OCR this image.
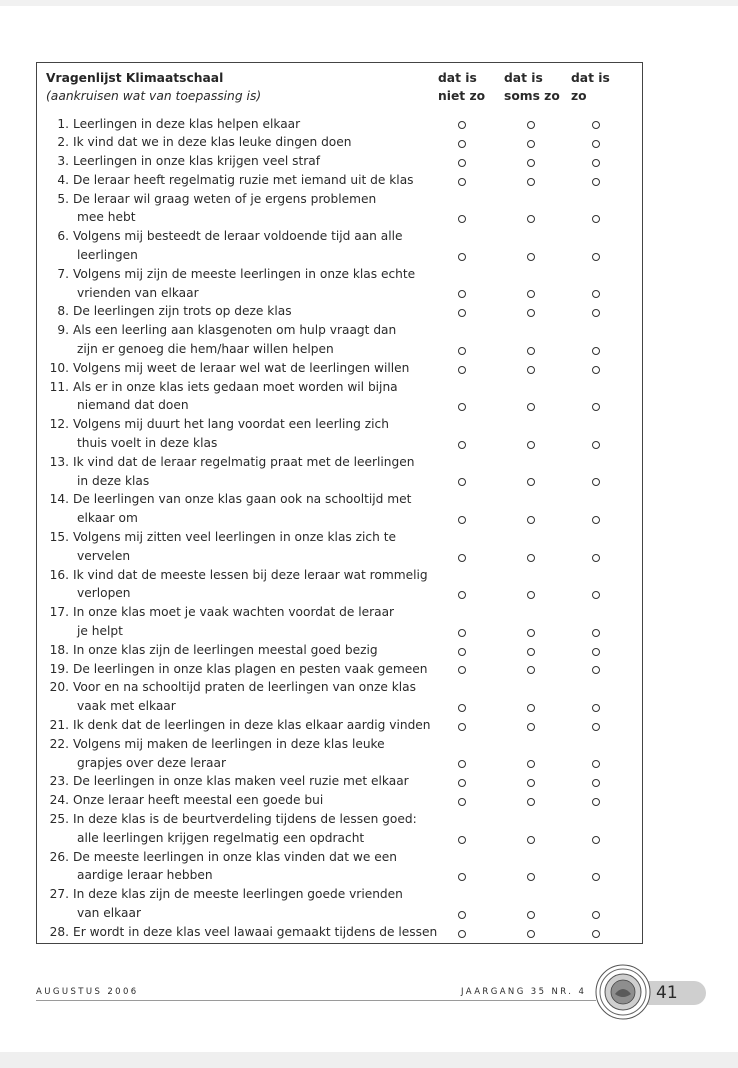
Vragenlijst Klimaatschaal
(aankruisen wat van toepassing is)
dat is
niet zo
dat is
soms zo
dat is
zo
1. Leerlingen in deze klas helpen elkaar
2. Ik vind dat we in deze klas leuke dingen doen
3. Leerlingen in onze klas krijgen veel straf
4. De leraar heeft regelmatig ruzie met iemand uit de klas
5. De leraar wil graag weten of je ergens problemen
mee hebt
6. Volgens mij besteedt de leraar voldoende tijd aan alle
leerlingen
7. Volgens mij zijn de meeste leerlingen in onze klas echte
vrienden van elkaar
8. De leerlingen zijn trots op deze klas
9. Als een leerling aan klasgenoten om hulp vraagt dan
zijn er genoeg die hem/haar willen helpen
10. Volgens mij weet de leraar wel wat de leerlingen willen
11. Als er in onze klas iets gedaan moet worden wil bijna
niemand dat doen
12. Volgens mij duurt het lang voordat een leerling zich
thuis voelt in deze klas
13. Ik vind dat de leraar regelmatig praat met de leerlingen
in deze klas
14. De leerlingen van onze klas gaan ook na schooltijd met
elkaar om
15. Volgens mij zitten veel leerlingen in onze klas zich te
vervelen
16. Ik vind dat de meeste lessen bij deze leraar wat rommelig
verlopen
17. In onze klas moet je vaak wachten voordat de leraar
je helpt
18. In onze klas zijn de leerlingen meestal goed bezig
19. De leerlingen in onze klas plagen en pesten vaak gemeen
20. Voor en na schooltijd praten de leerlingen van onze klas
vaak met elkaar
21. Ik denk dat de leerlingen in deze klas elkaar aardig vinden
22. Volgens mij maken de leerlingen in deze klas leuke
grapjes over deze leraar
23. De leerlingen in onze klas maken veel ruzie met elkaar
24. Onze leraar heeft meestal een goede bui
25. In deze klas is de beurtverdeling tijdens de lessen goed:
alle leerlingen krijgen regelmatig een opdracht
26. De meeste leerlingen in onze klas vinden dat we een
aardige leraar hebben
27. In deze klas zijn de meeste leerlingen goede vrienden
van elkaar
28. Er wordt in deze klas veel lawaai gemaakt tijdens de lessen
AUGUSTUS 2006	JAARGANG 35 NR. 4	41
